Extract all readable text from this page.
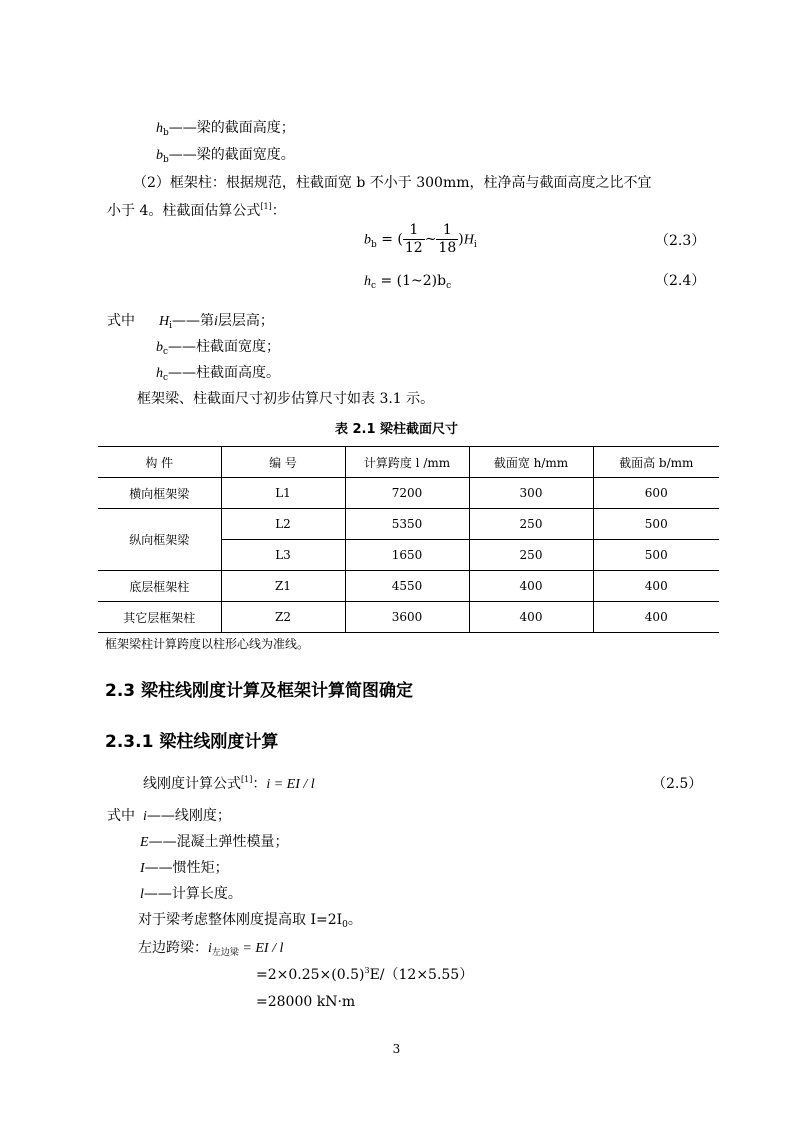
$h_b——$梁的截面高度；
$b_b——$梁的截面宽度。
（2）框架柱：根据规范，柱截面宽 b 不小于 300mm，柱净高与截面高度之比不宜
小于 4。柱截面估算公式[1]：
$b_b$ = ( $\frac{1}{12}$ ~ $\frac{1}{18} )H_i$	（2.3）
$h_c$ = $(1\sim 2)b_c$	（2.4）
式中 $H_i——$第i层层高；
$b_c——$柱截面宽度；
$h_c——$柱截面高度。
框架梁、柱截面尺寸初步估算尺寸如表 3.1 示。
表 2.1 梁柱截面尺寸
构 件	编 号	计算跨度 l /mm	截面宽 h/mm	截面高 b/mm
横向框架梁	L1	7200	300	600
纵向框架梁	L2	5350	250	500
	L3	1650	250	500
底层框架柱	Z1	4550	400	400
其它层框架柱	Z2	3600	400	400
框架梁柱计算跨度以柱形心线为准线。
2.3 梁柱线刚度计算及框架计算简图确定
2.3.1 梁柱线刚度计算
线刚度计算公式[1]：i = EI / l	（2.5）
式中 i——线刚度；
E——混凝土弹性模量；
I——惯性矩；
l——计算长度。
对于梁考虑整体刚度提高取 $I=2I_0$。
左边跨梁：$i_{左边梁}$ = EI / l
$=2\times 0.25\times(0.5)^3E/(12\times 5.55)$
=28000 kN·m
3
